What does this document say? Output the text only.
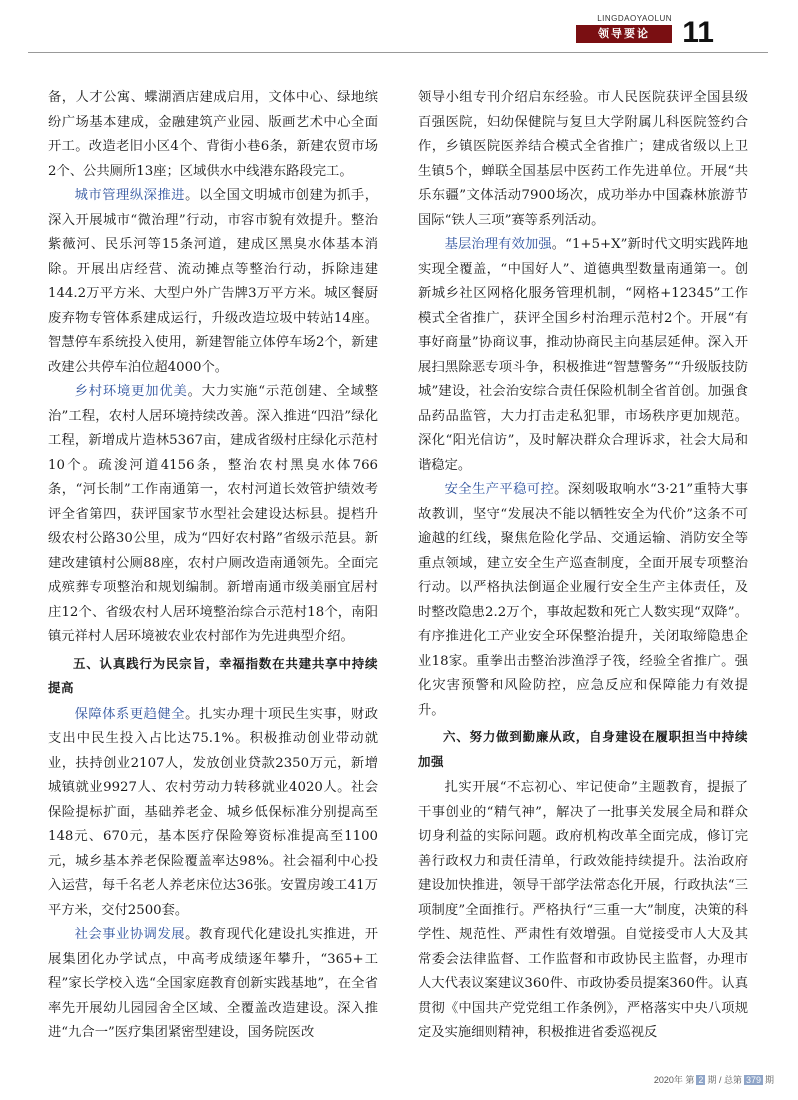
LINGDAOYAOLUN
领导要论	11

备，人才公寓、蝶湖酒店建成启用，文体中心、绿地缤纷广场基本建成，金融建筑产业园、版画艺术中心全面开工。改造老旧小区4个、背街小巷6条，新建农贸市场2个、公共厕所13座；区域供水中线港东路段完工。

城市管理纵深推进。以全国文明城市创建为抓手，深入开展城市“微治理”行动，市容市貌有效提升。整治紫薇河、民乐河等15条河道，建成区黑臭水体基本消除。开展出店经营、流动摊点等整治行动，拆除违建144.2万平方米、大型户外广告牌3万平方米。城区餐厨废弃物专管体系建成运行，升级改造垃圾中转站14座。智慧停车系统投入使用，新建智能立体停车场2个，新建改建公共停车泊位超4000个。

乡村环境更加优美。大力实施“示范创建、全域整治”工程，农村人居环境持续改善。深入推进“四沿”绿化工程，新增成片造林5367亩，建成省级村庄绿化示范村10个。疏浚河道4156条，整治农村黑臭水体766条，“河长制”工作南通第一，农村河道长效管护绩效考评全省第四，获评国家节水型社会建设达标县。提档升级农村公路30公里，成为“四好农村路”省级示范县。新建改建镇村公厕88座，农村户厕改造南通领先。全面完成殡葬专项整治和规划编制。新增南通市级美丽宜居村庄12个、省级农村人居环境整治综合示范村18个，南阳镇元祥村人居环境被农业农村部作为先进典型介绍。

五、认真践行为民宗旨，幸福指数在共建共享中持续提高

保障体系更趋健全。扎实办理十项民生实事，财政支出中民生投入占比达75.1%。积极推动创业带动就业，扶持创业2107人，发放创业贷款2350万元，新增城镇就业9927人、农村劳动力转移就业4020人。社会保险提标扩面，基础养老金、城乡低保标准分别提高至148元、670元，基本医疗保险筹资标准提高至1100元，城乡基本养老保险覆盖率达98%。社会福利中心投入运营，每千名老人养老床位达36张。安置房竣工41万平方米，交付2500套。

社会事业协调发展。教育现代化建设扎实推进，开展集团化办学试点，中高考成绩逐年攀升，“365+工程”家长学校入选“全国家庭教育创新实践基地”，在全省率先开展幼儿园园舍全区域、全覆盖改造建设。深入推进“九合一”医疗集团紧密型建设，国务院医改

领导小组专刊介绍启东经验。市人民医院获评全国县级百强医院，妇幼保健院与复旦大学附属儿科医院签约合作，乡镇医院医养结合模式全省推广；建成省级以上卫生镇5个，蝉联全国基层中医药工作先进单位。开展“共乐东疆”文体活动7900场次，成功举办中国森林旅游节国际“铁人三项”赛等系列活动。

基层治理有效加强。“1+5+X”新时代文明实践阵地实现全覆盖，“中国好人”、道德典型数量南通第一。创新城乡社区网格化服务管理机制，“网格+12345”工作模式全省推广，获评全国乡村治理示范村2个。开展“有事好商量”协商议事，推动协商民主向基层延伸。深入开展扫黑除恶专项斗争，积极推进“智慧警务”“升级版技防城”建设，社会治安综合责任保险机制全省首创。加强食品药品监管，大力打击走私犯罪，市场秩序更加规范。深化“阳光信访”，及时解决群众合理诉求，社会大局和谐稳定。

安全生产平稳可控。深刻吸取响水“3·21”重特大事故教训，坚守“发展决不能以牺牲安全为代价”这条不可逾越的红线，聚焦危险化学品、交通运输、消防安全等重点领域，建立安全生产巡查制度，全面开展专项整治行动。以严格执法倒逼企业履行安全生产主体责任，及时整改隐患2.2万个，事故起数和死亡人数实现“双降”。有序推进化工产业安全环保整治提升，关闭取缔隐患企业18家。重拳出击整治涉渔浮子筏，经验全省推广。强化灾害预警和风险防控，应急反应和保障能力有效提升。

六、努力做到勤廉从政，自身建设在履职担当中持续加强

扎实开展“不忘初心、牢记使命”主题教育，提振了干事创业的“精气神”，解决了一批事关发展全局和群众切身利益的实际问题。政府机构改革全面完成，修订完善行政权力和责任清单，行政效能持续提升。法治政府建设加快推进，领导干部学法常态化开展，行政执法“三项制度”全面推行。严格执行“三重一大”制度，决策的科学性、规范性、严肃性有效增强。自觉接受市人大及其常委会法律监督、工作监督和市政协民主监督，办理市人大代表议案建议360件、市政协委员提案360件。认真贯彻《中国共产党党组工作条例》，严格落实中央八项规定及实施细则精神，积极推进省委巡视反

2020年 第 2 期 / 总第 379 期
